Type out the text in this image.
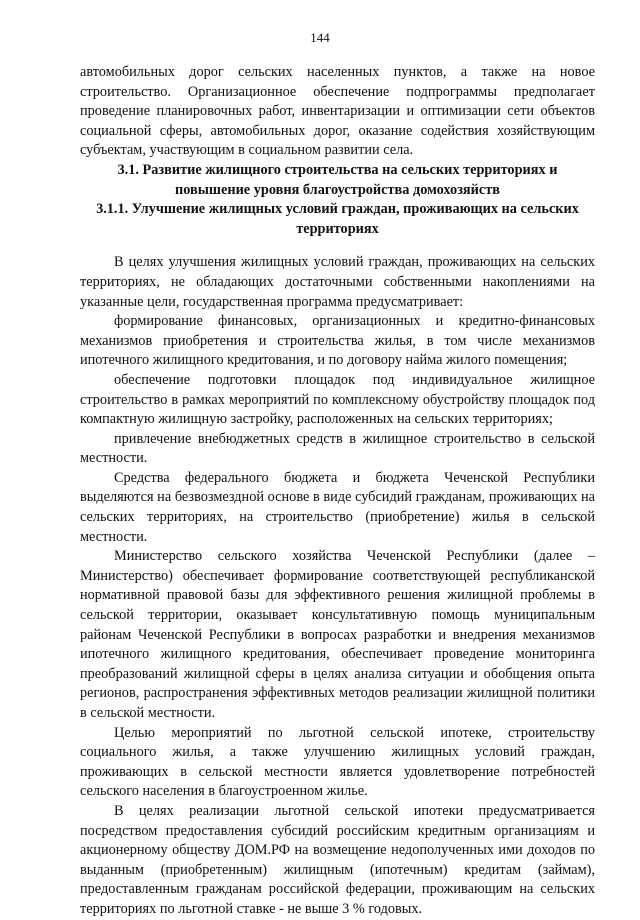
144

автомобильных дорог сельских населенных пунктов, а также на новое строительство. Организационное обеспечение подпрограммы предполагает проведение планировочных работ, инвентаризации и оптимизации сети объектов социальной сферы, автомобильных дорог, оказание содействия хозяйствующим субъектам, участвующим в социальном развитии села.

3.1. Развитие жилищного строительства на сельских территориях и

повышение уровня благоустройства домохозяйств

3.1.1. Улучшение жилищных условий граждан, проживающих на сельских

территориях

В целях улучшения жилищных условий граждан, проживающих на сельских территориях, не обладающих достаточными собственными накоплениями на указанные цели, государственная программа предусматривает:

формирование финансовых, организационных и кредитно-финансовых механизмов приобретения и строительства жилья, в том числе механизмов ипотечного жилищного кредитования, и по договору найма жилого помещения;

обеспечение подготовки площадок под индивидуальное жилищное строительство в рамках мероприятий по комплексному обустройству площадок под компактную жилищную застройку, расположенных на сельских территориях;

привлечение внебюджетных средств в жилищное строительство в сельской местности.

Средства федерального бюджета и бюджета Чеченской Республики выделяются на безвозмездной основе в виде субсидий гражданам, проживающих на сельских территориях, на строительство (приобретение) жилья в сельской местности.

Министерство сельского хозяйства Чеченской Республики (далее – Министерство) обеспечивает формирование соответствующей республиканской нормативной правовой базы для эффективного решения жилищной проблемы в сельской территории, оказывает консультативную помощь муниципальным районам Чеченской Республики в вопросах разработки и внедрения механизмов ипотечного жилищного кредитования, обеспечивает проведение мониторинга преобразований жилищной сферы в целях анализа ситуации и обобщения опыта регионов, распространения эффективных методов реализации жилищной политики в сельской местности.

Целью мероприятий по льготной сельской ипотеке, строительству социального жилья, а также улучшению жилищных условий граждан, проживающих в сельской местности является удовлетворение потребностей сельского населения в благоустроенном жилье.

В целях реализации льготной сельской ипотеки предусматривается посредством предоставления субсидий российским кредитным организациям и акционерному обществу ДОМ.РФ на возмещение недополученных ими доходов по выданным (приобретенным) жилищным (ипотечным) кредитам (займам), предоставленным гражданам российской федерации, проживающим на сельских территориях по льготной ставке - не выше 3 % годовых.
